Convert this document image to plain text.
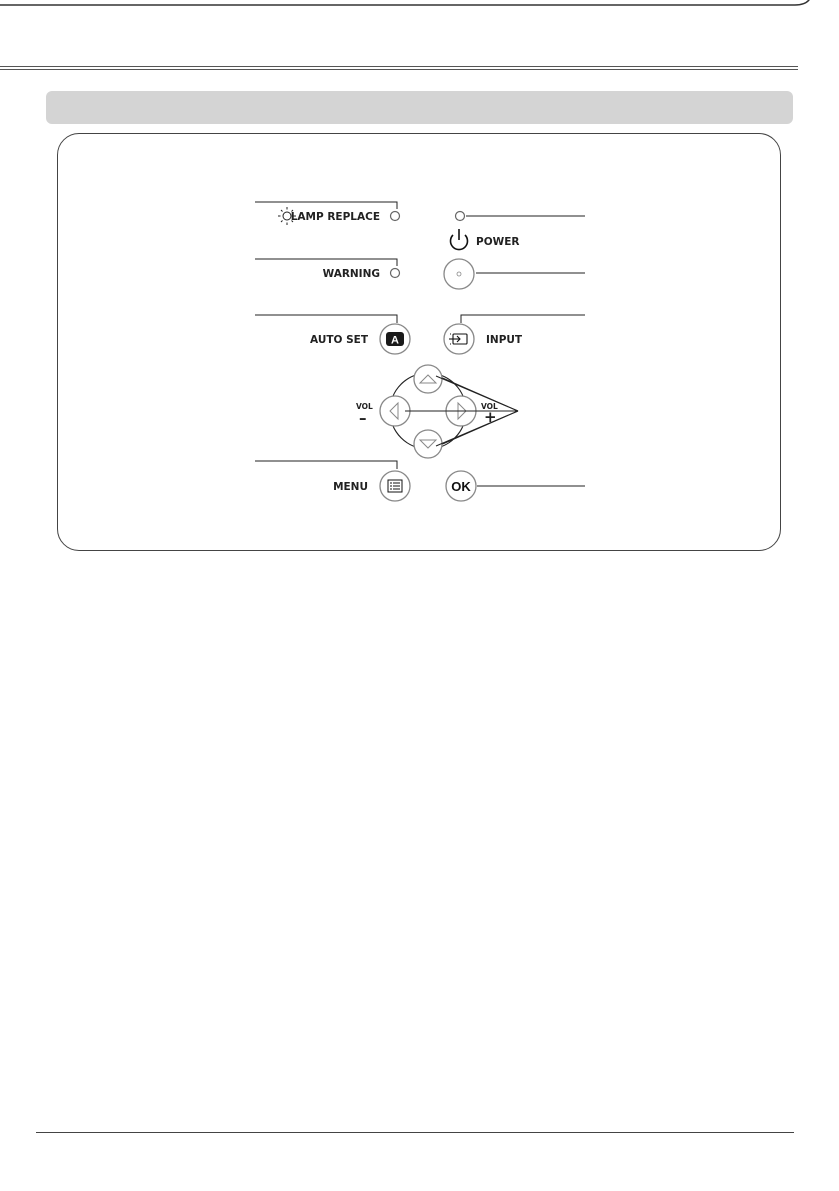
A
OK
LAMP REPLACE
WARNING
POWER
AUTO SET	INPUT
MENU
VOL
–
VOL
+
